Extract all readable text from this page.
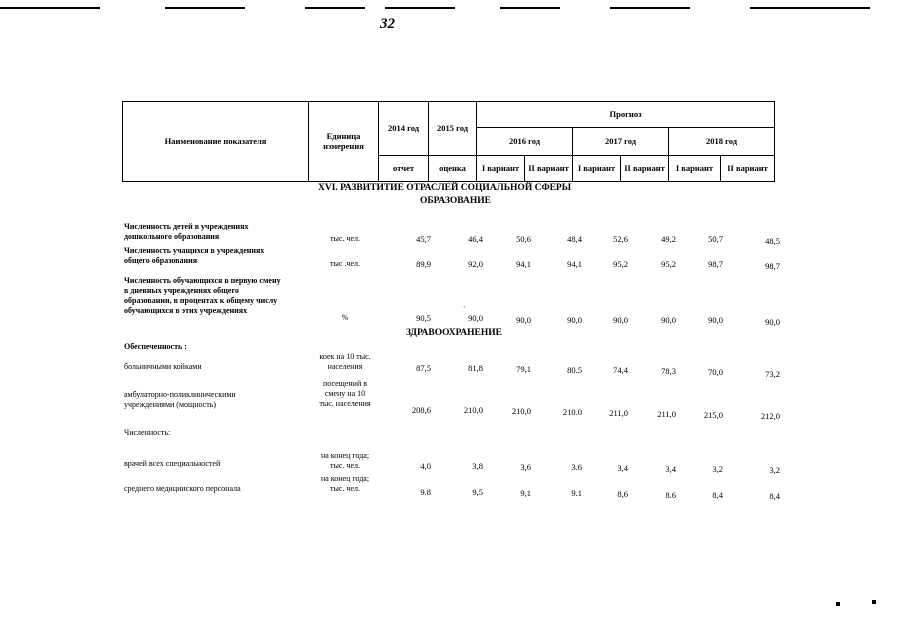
32
Наименование показателя	Единица измерения	2014 год	2015 год	Прогноз					
				2016 год		2017 год		2018 год	
		отчет	оценка	I вариант	II вариант	I вариант	II вариант	I вариант	II вариант
XVI. РАЗВИТИТИЕ ОТРАСЛЕЙ СОЦИАЛЬНОЙ СФЕРЫ
ОБРАЗОВАНИЕ
ЗДРАВООХРАНЕНИЕ
Обеспеченность :
Численность:
`
Численность детей в учреждениях
дошкольного образования	тыс. чел.	45,7	46,4	50,6	48,4	52,6	49,2	50,7	48,5
Численность учащихся в учреждениях
общего образования	тыс .чел.	89,9	92,0	94,1	94,1	95,2	95,2	98,7	98,7
Численность обучающихся в первую смену
в дневных учреждениях общего
образовании, в процентах к общему числу
обучающихся в этих учреждениях
%	90,5	90,0	90,0	90,0	90,0	90,0	90,0	90,0
больничными койками
коек на 10 тыс.
населения	87,5	81,8	79,1	80.5	74,4	78,3	70,0	73,2
амбулаторно-поликлиническими
учреждениями (мощность)
посещений в
смену на 10
тыс. населения
208,6	210,0	210,0	210.0	211,0	211,0	215,0	212,0
врачей всех специальностей
на конец года;
тыс. чел.	4,0	3,8	3,6	3.6	3,4	3,4	3,2	3,2
среднего медицинского персонала
на конец года;
тыс. чел.	9.8	9,5	9,1	9.1	8,6	8.6	8,4	8,4
